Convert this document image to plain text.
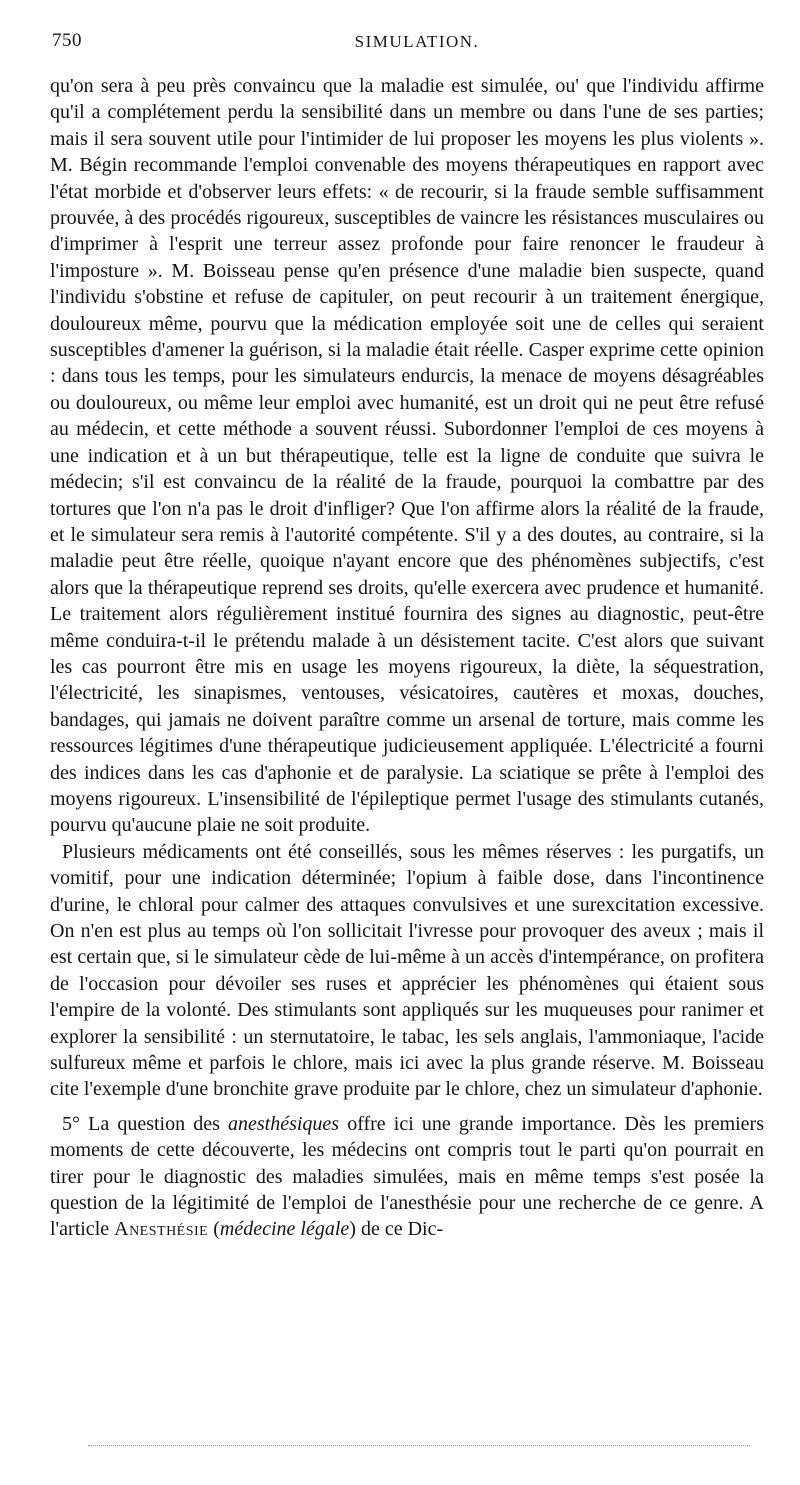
750	SIMULATION.

qu'on sera à peu près convaincu que la maladie est simulée, ou' que l'individu affirme qu'il a complétement perdu la sensibilité dans un membre ou dans l'une de ses parties; mais il sera souvent utile pour l'intimider de lui proposer les moyens les plus violents ». M. Bégin recommande l'emploi convenable des moyens thérapeutiques en rapport avec l'état morbide et d'observer leurs effets: « de recourir, si la fraude semble suffisamment prouvée, à des procédés rigoureux, susceptibles de vaincre les résistances musculaires ou d'imprimer à l'esprit une terreur assez profonde pour faire renoncer le fraudeur à l'imposture ». M. Boisseau pense qu'en présence d'une maladie bien suspecte, quand l'individu s'obstine et refuse de capituler, on peut recourir à un traitement énergique, douloureux même, pourvu que la médication employée soit une de celles qui seraient susceptibles d'amener la guérison, si la maladie était réelle. Casper exprime cette opinion : dans tous les temps, pour les simulateurs endurcis, la menace de moyens désagréables ou douloureux, ou même leur emploi avec humanité, est un droit qui ne peut être refusé au médecin, et cette méthode a souvent réussi. Subordonner l'emploi de ces moyens à une indication et à un but thérapeutique, telle est la ligne de conduite que suivra le médecin; s'il est convaincu de la réalité de la fraude, pourquoi la combattre par des tortures que l'on n'a pas le droit d'infliger? Que l'on affirme alors la réalité de la fraude, et le simulateur sera remis à l'autorité compétente. S'il y a des doutes, au contraire, si la maladie peut être réelle, quoique n'ayant encore que des phénomènes subjectifs, c'est alors que la thérapeutique reprend ses droits, qu'elle exercera avec prudence et humanité. Le traitement alors régulièrement institué fournira des signes au diagnostic, peut-être même conduira-t-il le prétendu malade à un désistement tacite. C'est alors que suivant les cas pourront être mis en usage les moyens rigoureux, la diète, la séquestration, l'électricité, les sinapismes, ventouses, vésicatoires, cautères et moxas, douches, bandages, qui jamais ne doivent paraître comme un arsenal de torture, mais comme les ressources légitimes d'une thérapeutique judicieusement appliquée. L'électricité a fourni des indices dans les cas d'aphonie et de paralysie. La sciatique se prête à l'emploi des moyens rigoureux. L'insensibilité de l'épileptique permet l'usage des stimulants cutanés, pourvu qu'aucune plaie ne soit produite.

Plusieurs médicaments ont été conseillés, sous les mêmes réserves : les purgatifs, un vomitif, pour une indication déterminée; l'opium à faible dose, dans l'incontinence d'urine, le chloral pour calmer des attaques convulsives et une surexcitation excessive. On n'en est plus au temps où l'on sollicitait l'ivresse pour provoquer des aveux ; mais il est certain que, si le simulateur cède de lui-même à un accès d'intempérance, on profitera de l'occasion pour dévoiler ses ruses et apprécier les phénomènes qui étaient sous l'empire de la volonté. Des stimulants sont appliqués sur les muqueuses pour ranimer et explorer la sensibilité : un sternutatoire, le tabac, les sels anglais, l'ammoniaque, l'acide sulfureux même et parfois le chlore, mais ici avec la plus grande réserve. M. Boisseau cite l'exemple d'une bronchite grave produite par le chlore, chez un simulateur d'aphonie.

5° La question des anesthésiques offre ici une grande importance. Dès les premiers moments de cette découverte, les médecins ont compris tout le parti qu'on pourrait en tirer pour le diagnostic des maladies simulées, mais en même temps s'est posée la question de la légitimité de l'emploi de l'anesthésie pour une recherche de ce genre. A l'article Anesthésie (médecine légale) de ce Dic-
